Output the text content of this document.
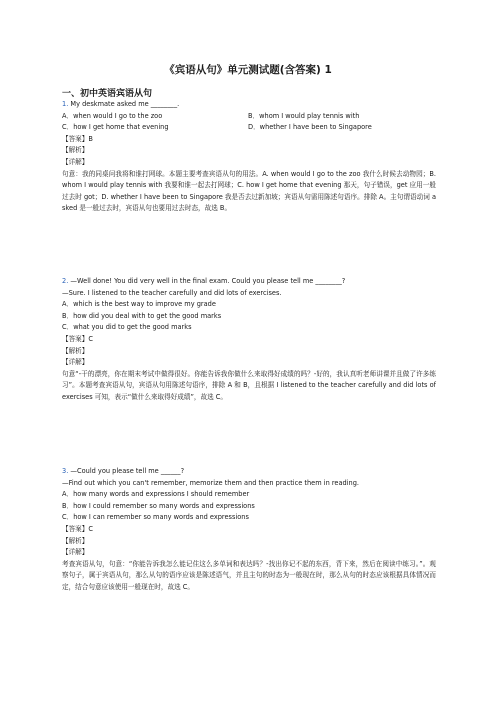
《宾语从句》单元测试题(含答案) 1
一、初中英语宾语从句
1. My deskmate asked me ________.
A．when would I go to the zoo	B．whom I would play tennis with
C．how I get home that evening	D．whether I have been to Singapore
【答案】B
【解析】
【详解】
句意：我的同桌问我将和谁打网球。本题主要考查宾语从句的用法。A. when would I go to the zoo 我什么时候去动物园；B. whom I would play tennis with 我要和谁一起去打网球；C. how I get home that evening 那天，句子错误，get 应用一般过去时 got；D. whether I have been to Singapore 我是否去过新加坡；宾语从句需用陈述句语序。排除 A。主句谓语动词 asked 是一般过去时，宾语从句也要用过去时态，故选 B。
2. —Well done! You did very well in the final exam. Could you please tell me ________?
—Sure. I listened to the teacher carefully and did lots of exercises.
A．which is the best way to improve my grade
B．how did you deal with to get the good marks
C．what you did to get the good marks
【答案】C
【解析】
【详解】
句意“-干的漂亮，你在期末考试中做得很好。你能告诉我你做什么来取得好成绩的吗？-好的，我认真听老师讲课并且做了许多练习”。本题考查宾语从句，宾语从句用陈述句语序，排除 A 和 B，且根据 I listened to the teacher carefully and did lots of exercises 可知，表示“做什么来取得好成绩”，故选 C。
3. —Could you please tell me ______?
—Find out which you can't remember, memorize them and then practice them in reading.
A．how many words and expressions I should remember
B．how I could remember so many words and expressions
C．how I can remember so many words and expressions
【答案】C
【解析】
【详解】
考查宾语从句，句意：“你能告诉我怎么能记住这么多单词和表达吗？-找出你记不起的东西，背下来，然后在阅读中练习。”。观察句子，属于宾语从句，那么从句的语序应该是陈述语气，并且主句的时态为一般现在时，那么从句的时态应该根据具体情况而定，结合句意应该使用一般现在时，故选 C。
